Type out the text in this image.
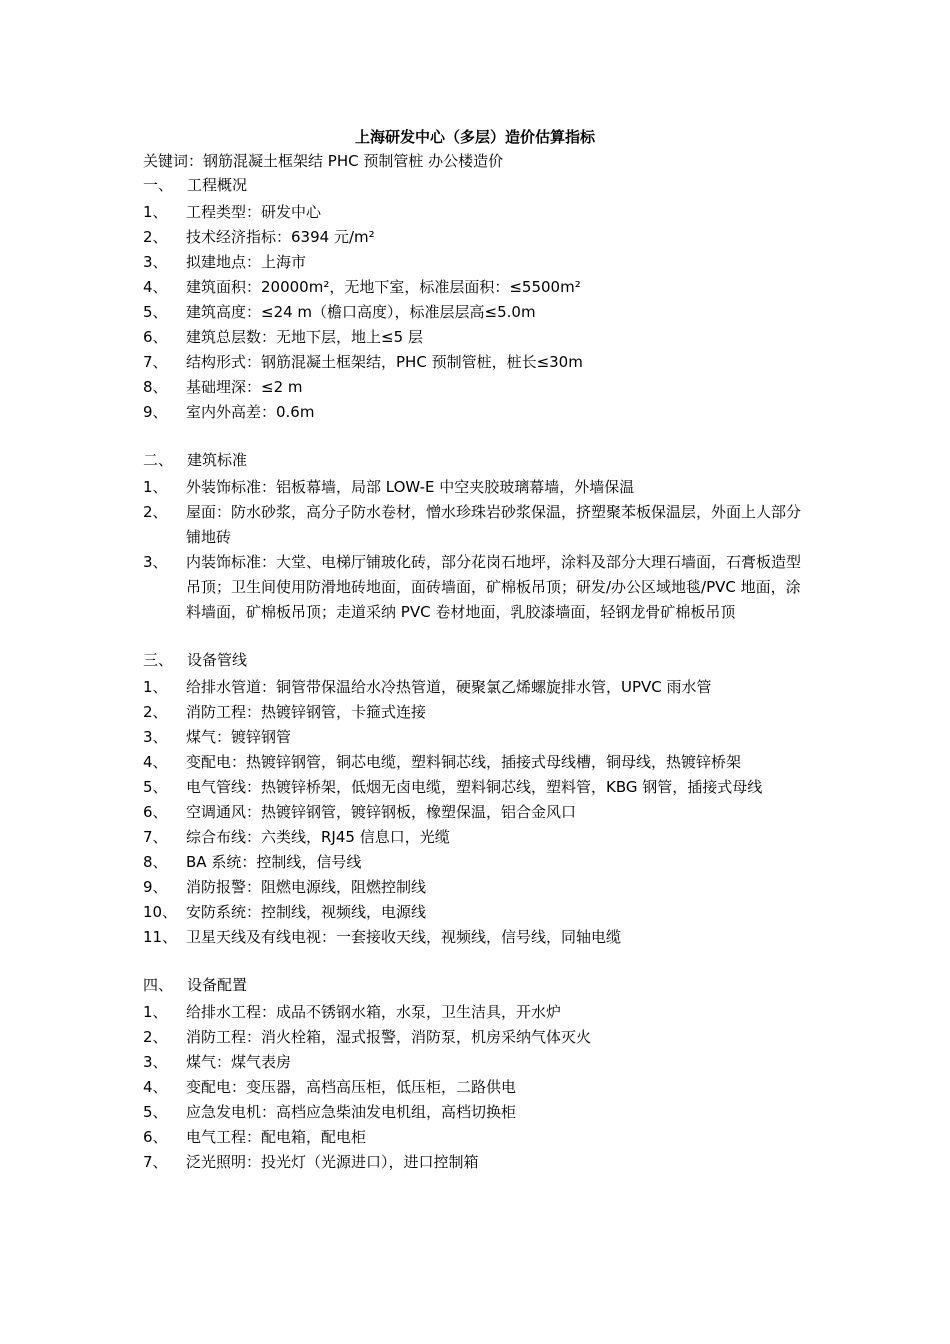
上海研发中心（多层）造价估算指标
关键词：钢筋混凝土框架结 PHC 预制管桩 办公楼造价
一、 工程概况
1、	工程类型：研发中心
2、	技术经济指标：6394 元/m²
3、	拟建地点：上海市
4、	建筑面积：20000m²，无地下室，标准层面积：≤5500m²
5、	建筑高度：≤24 m（檐口高度），标准层层高≤5.0m
6、	建筑总层数：无地下层，地上≤5 层
7、	结构形式：钢筋混凝土框架结，PHC 预制管桩，桩长≤30m
8、	基础埋深：≤2 m
9、	室内外高差：0.6m
二、 建筑标准
1、	外装饰标准：铝板幕墙，局部 LOW-E 中空夹胶玻璃幕墙，外墙保温
2、	屋面：防水砂浆，高分子防水卷材，憎水珍珠岩砂浆保温，挤塑聚苯板保温层，外面上人部分铺地砖
3、	内装饰标准：大堂、电梯厅铺玻化砖，部分花岗石地坪，涂料及部分大理石墙面，石膏板造型吊顶；卫生间使用防滑地砖地面，面砖墙面，矿棉板吊顶；研发/办公区域地毯/PVC 地面，涂料墙面，矿棉板吊顶；走道采纳 PVC 卷材地面，乳胶漆墙面，轻钢龙骨矿棉板吊顶
三、 设备管线
1、	给排水管道：铜管带保温给水冷热管道，硬聚氯乙烯螺旋排水管，UPVC 雨水管
2、	消防工程：热镀锌钢管，卡箍式连接
3、	煤气：镀锌钢管
4、	变配电：热镀锌钢管，铜芯电缆，塑料铜芯线，插接式母线槽，铜母线，热镀锌桥架
5、	电气管线：热镀锌桥架，低烟无卤电缆，塑料铜芯线，塑料管，KBG 钢管，插接式母线
6、	空调通风：热镀锌钢管，镀锌钢板，橡塑保温，铝合金风口
7、	综合布线：六类线，RJ45 信息口，光缆
8、	BA 系统：控制线，信号线
9、	消防报警：阻燃电源线，阻燃控制线
10、 安防系统：控制线，视频线，电源线
11、 卫星天线及有线电视：一套接收天线，视频线，信号线，同轴电缆
四、 设备配置
1、	给排水工程：成品不锈钢水箱，水泵，卫生洁具，开水炉
2、	消防工程：消火栓箱，湿式报警，消防泵，机房采纳气体灭火
3、	煤气：煤气表房
4、	变配电：变压器，高档高压柜，低压柜，二路供电
5、	应急发电机：高档应急柴油发电机组，高档切换柜
6、	电气工程：配电箱，配电柜
7、	泛光照明：投光灯（光源进口），进口控制箱
